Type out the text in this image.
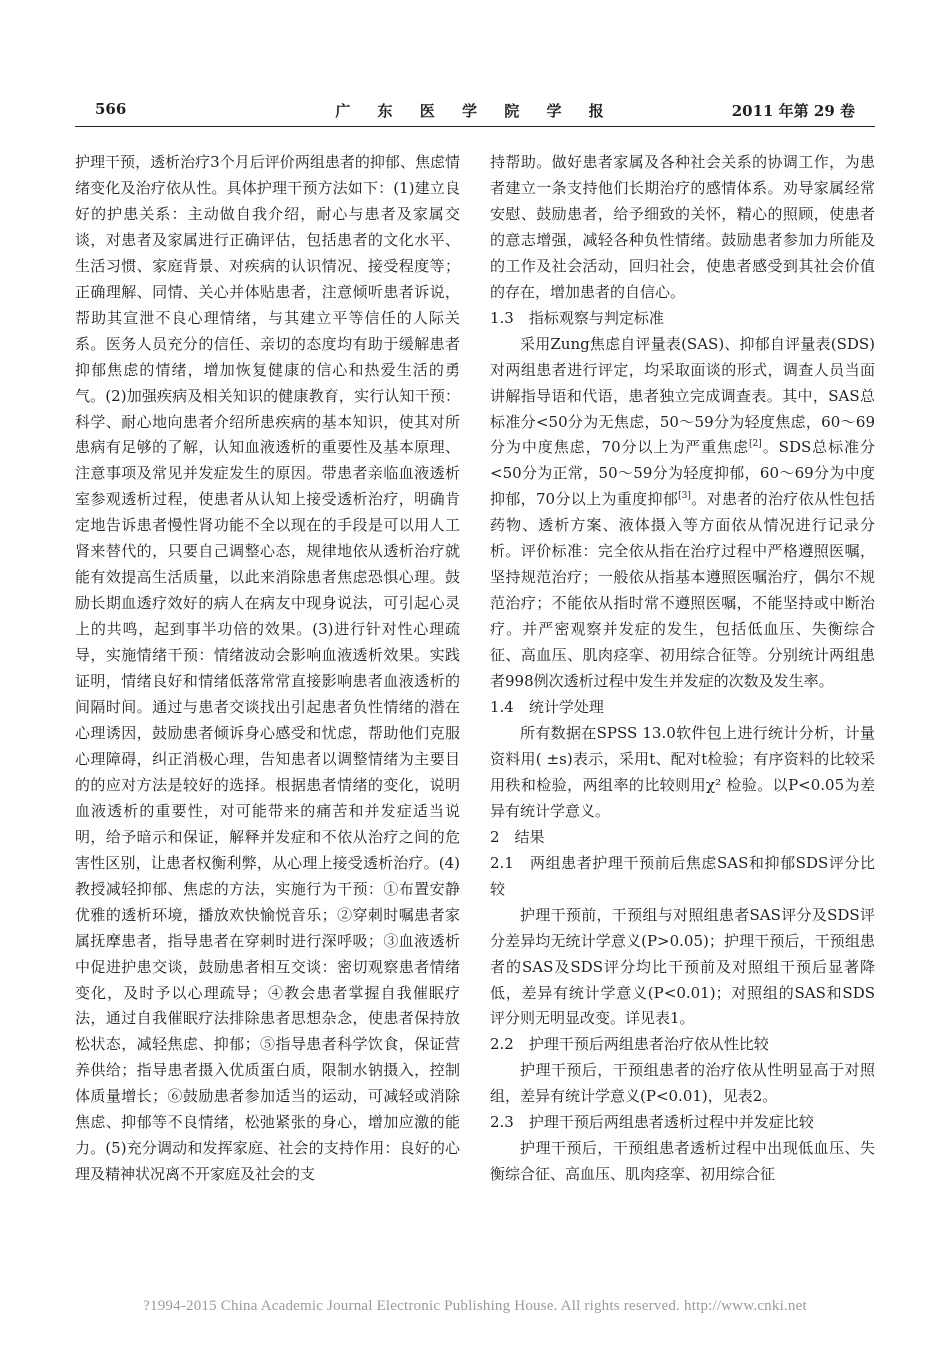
566	广 东 医 学 院 学 报	2011 年第 29 卷

护理干预，透析治疗3个月后评价两组患者的抑郁、焦虑情绪变化及治疗依从性。具体护理干预方法如下：(1)建立良好的护患关系：主动做自我介绍，耐心与患者及家属交谈，对患者及家属进行正确评估，包括患者的文化水平、生活习惯、家庭背景、对疾病的认识情况、接受程度等；正确理解、同情、关心并体贴患者，注意倾听患者诉说，帮助其宣泄不良心理情绪，与其建立平等信任的人际关系。医务人员充分的信任、亲切的态度均有助于缓解患者抑郁焦虑的情绪，增加恢复健康的信心和热爱生活的勇气。(2)加强疾病及相关知识的健康教育，实行认知干预：科学、耐心地向患者介绍所患疾病的基本知识，使其对所患病有足够的了解，认知血液透析的重要性及基本原理、注意事项及常见并发症发生的原因。带患者亲临血液透析室参观透析过程，使患者从认知上接受透析治疗，明确肯定地告诉患者慢性肾功能不全以现在的手段是可以用人工肾来替代的，只要自己调整心态，规律地依从透析治疗就能有效提高生活质量，以此来消除患者焦虑恐惧心理。鼓励长期血透疗效好的病人在病友中现身说法，可引起心灵上的共鸣，起到事半功倍的效果。(3)进行针对性心理疏导，实施情绪干预：情绪波动会影响血液透析效果。实践证明，情绪良好和情绪低落常常直接影响患者血液透析的间隔时间。通过与患者交谈找出引起患者负性情绪的潜在心理诱因，鼓励患者倾诉身心感受和忧虑，帮助他们克服心理障碍，纠正消极心理，告知患者以调整情绪为主要目的的应对方法是较好的选择。根据患者情绪的变化，说明血液透析的重要性，对可能带来的痛苦和并发症适当说明，给予暗示和保证，解释并发症和不依从治疗之间的危害性区别，让患者权衡利弊，从心理上接受透析治疗。(4)教授减轻抑郁、焦虑的方法，实施行为干预：①布置安静优雅的透析环境，播放欢快愉悦音乐；②穿刺时嘱患者家属抚摩患者，指导患者在穿刺时进行深呼吸；③血液透析中促进护患交谈，鼓励患者相互交谈：密切观察患者情绪变化，及时予以心理疏导；④教会患者掌握自我催眠疗法，通过自我催眠疗法排除患者思想杂念，使患者保持放松状态，减轻焦虑、抑郁；⑤指导患者科学饮食，保证营养供给；指导患者摄入优质蛋白质，限制水钠摄入，控制体质量增长；⑥鼓励患者参加适当的运动，可减轻或消除焦虑、抑郁等不良情绪，松弛紧张的身心，增加应激的能力。(5)充分调动和发挥家庭、社会的支持作用：良好的心理及精神状况离不开家庭及社会的支

持帮助。做好患者家属及各种社会关系的协调工作，为患者建立一条支持他们长期治疗的感情体系。劝导家属经常安慰、鼓励患者，给予细致的关怀，精心的照顾，使患者的意志增强，减轻各种负性情绪。鼓励患者参加力所能及的工作及社会活动，回归社会，使患者感受到其社会价值的存在，增加患者的自信心。

1.3　指标观察与判定标准

采用Zung焦虑自评量表(SAS)、抑郁自评量表(SDS)对两组患者进行评定，均采取面谈的形式，调查人员当面讲解指导语和代语，患者独立完成调查表。其中，SAS总标准分<50分为无焦虑，50～59分为轻度焦虑，60～69分为中度焦虑，70分以上为严重焦虑[2]。SDS总标准分<50分为正常，50～59分为轻度抑郁，60～69分为中度抑郁，70分以上为重度抑郁[3]。对患者的治疗依从性包括药物、透析方案、液体摄入等方面依从情况进行记录分析。评价标准：完全依从指在治疗过程中严格遵照医嘱，坚持规范治疗；一般依从指基本遵照医嘱治疗，偶尔不规范治疗；不能依从指时常不遵照医嘱，不能坚持或中断治疗。并严密观察并发症的发生，包括低血压、失衡综合征、高血压、肌肉痉挛、初用综合征等。分别统计两组患者998例次透析过程中发生并发症的次数及发生率。

1.4　统计学处理

所有数据在SPSS 13.0软件包上进行统计分析，计量资料用( ±s)表示，采用t、配对t检验；有序资料的比较采用秩和检验，两组率的比较则用χ² 检验。以P<0.05为差异有统计学意义。

2　结果

2.1　两组患者护理干预前后焦虑SAS和抑郁SDS评分比较

护理干预前，干预组与对照组患者SAS评分及SDS评分差异均无统计学意义(P>0.05)；护理干预后，干预组患者的SAS及SDS评分均比干预前及对照组干预后显著降低，差异有统计学意义(P<0.01)；对照组的SAS和SDS评分则无明显改变。详见表1。

2.2　护理干预后两组患者治疗依从性比较

护理干预后，干预组患者的治疗依从性明显高于对照组，差异有统计学意义(P<0.01)，见表2。

2.3　护理干预后两组患者透析过程中并发症比较

护理干预后，干预组患者透析过程中出现低血压、失衡综合征、高血压、肌肉痉挛、初用综合征

?1994-2015 China Academic Journal Electronic Publishing House. All rights reserved. http://www.cnki.net
